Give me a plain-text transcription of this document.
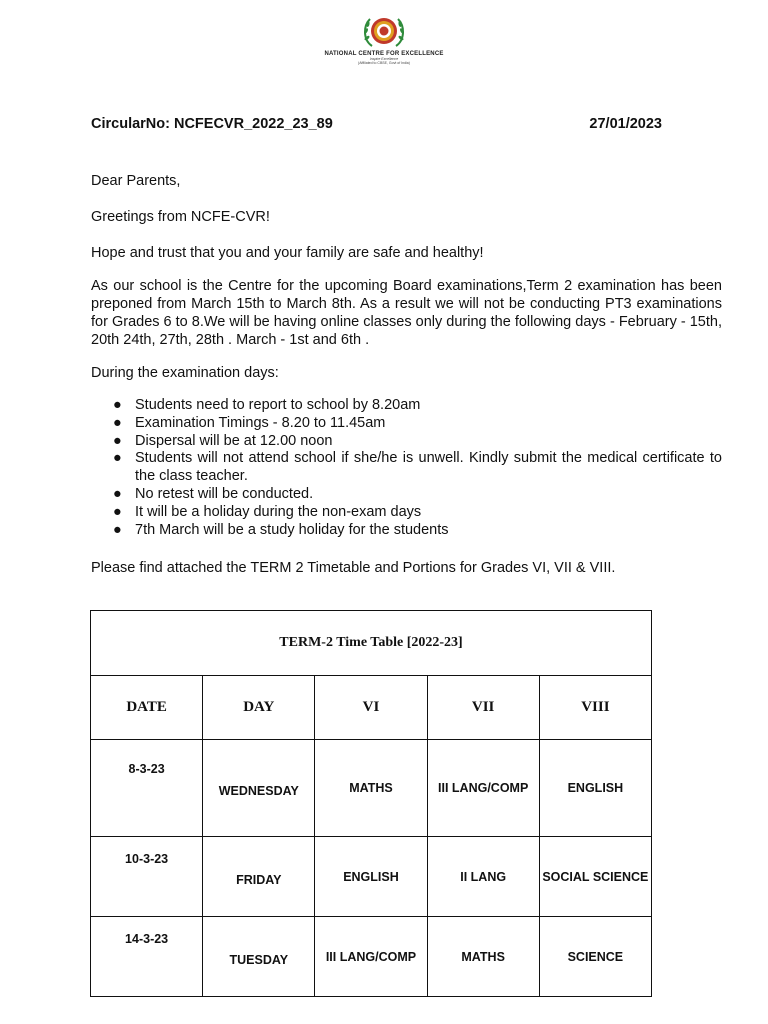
NATIONAL CENTRE FOR EXCELLENCE
Inspire Excellence
(Affiliated to CBSE, Govt of India)
CircularNo: NCFECVR_2022_23_89	27/01/2023

Dear Parents,

Greetings from NCFE-CVR!

Hope and trust that you and your family are safe and healthy!

As our school is the Centre for the upcoming Board examinations,Term 2 examination has been preponed from March 15th to March 8th. As a result we will not be conducting PT3 examinations for Grades 6 to 8.We will be having online classes only during the following days - February - 15th, 20th 24th, 27th, 28th . March - 1st and 6th .

During the examination days:

● Students need to report to school by 8.20am
● Examination Timings - 8.20 to 11.45am
● Dispersal will be at 12.00 noon
● Students will not attend school if she/he is unwell. Kindly submit the medical certificate to the class teacher.
● No retest will be conducted.
● It will be a holiday during the non-exam days
● 7th March will be a study holiday for the students

Please find attached the TERM 2 Timetable and Portions for Grades VI, VII & VIII.

TERM-2 Time Table [2022-23]				
DATE	DAY	VI	VII	VIII
8-3-23	WEDNESDAY	MATHS	III LANG/COMP	ENGLISH
10-3-23	FRIDAY	ENGLISH	II LANG	SOCIAL SCIENCE
14-3-23	TUESDAY	III LANG/COMP	MATHS	SCIENCE
